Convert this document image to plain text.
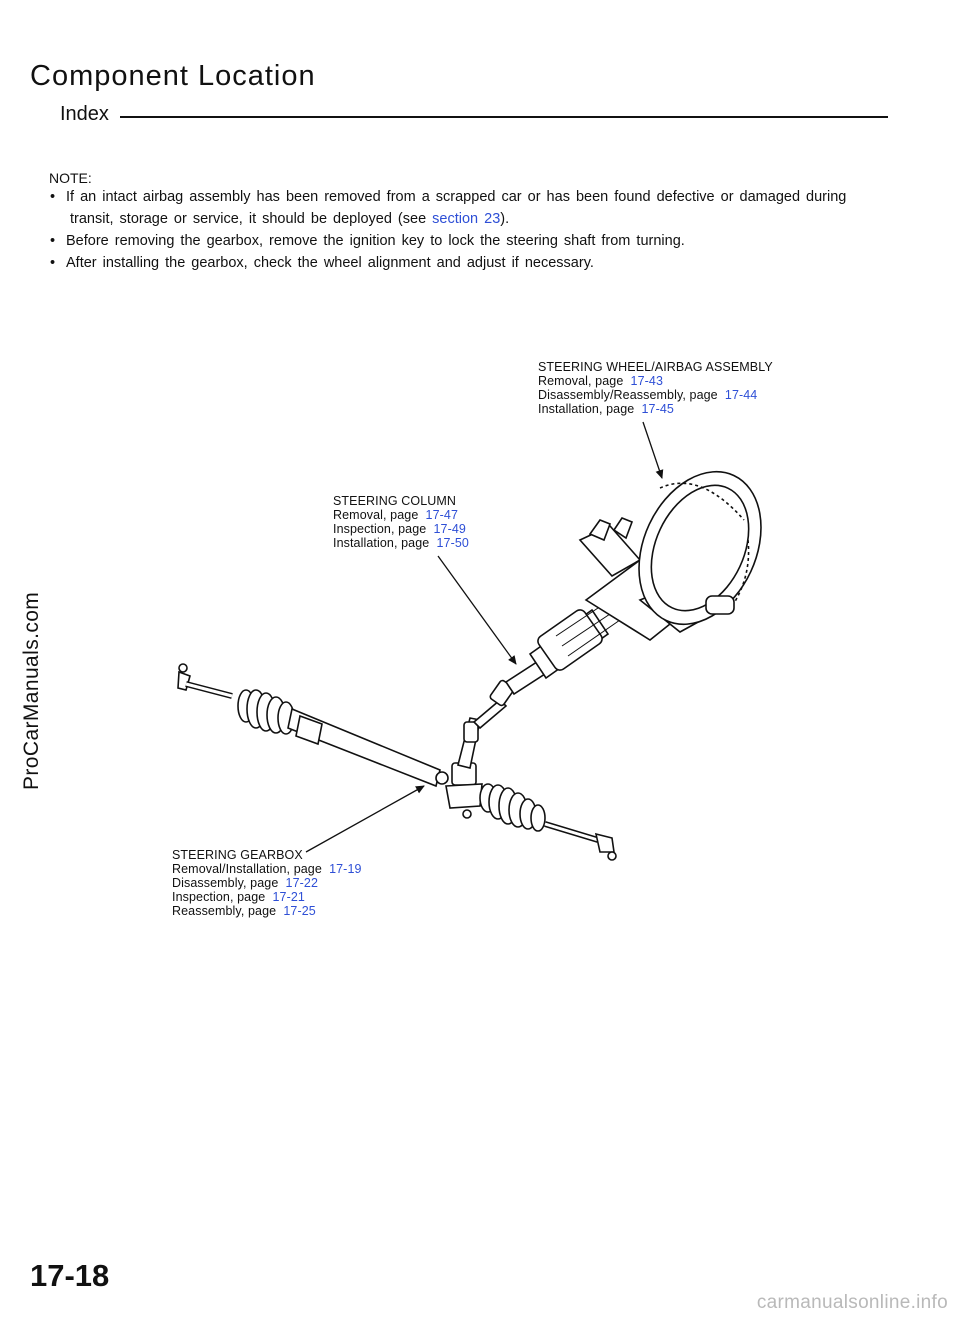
Component Location
Index
NOTE:
• If an intact airbag assembly has been removed from a scrapped car or has been found defective or damaged during
transit, storage or service, it should be deployed (see section 23).
• Before removing the gearbox, remove the ignition key to lock the steering shaft from turning.
• After installing the gearbox, check the wheel alignment and adjust if necessary.
STEERING WHEEL/AIRBAG ASSEMBLY
Removal, page 17-43
Disassembly/Reassembly, page 17-44
Installation, page 17-45
STEERING COLUMN
Removal, page 17-47
Inspection, page 17-49
Installation, page 17-50
STEERING GEARBOX
Removal/Installation, page 17-19
Disassembly, page 17-22
Inspection, page 17-21
Reassembly, page 17-25
ProCarManuals.com
17-18
carmanualsonline.info
